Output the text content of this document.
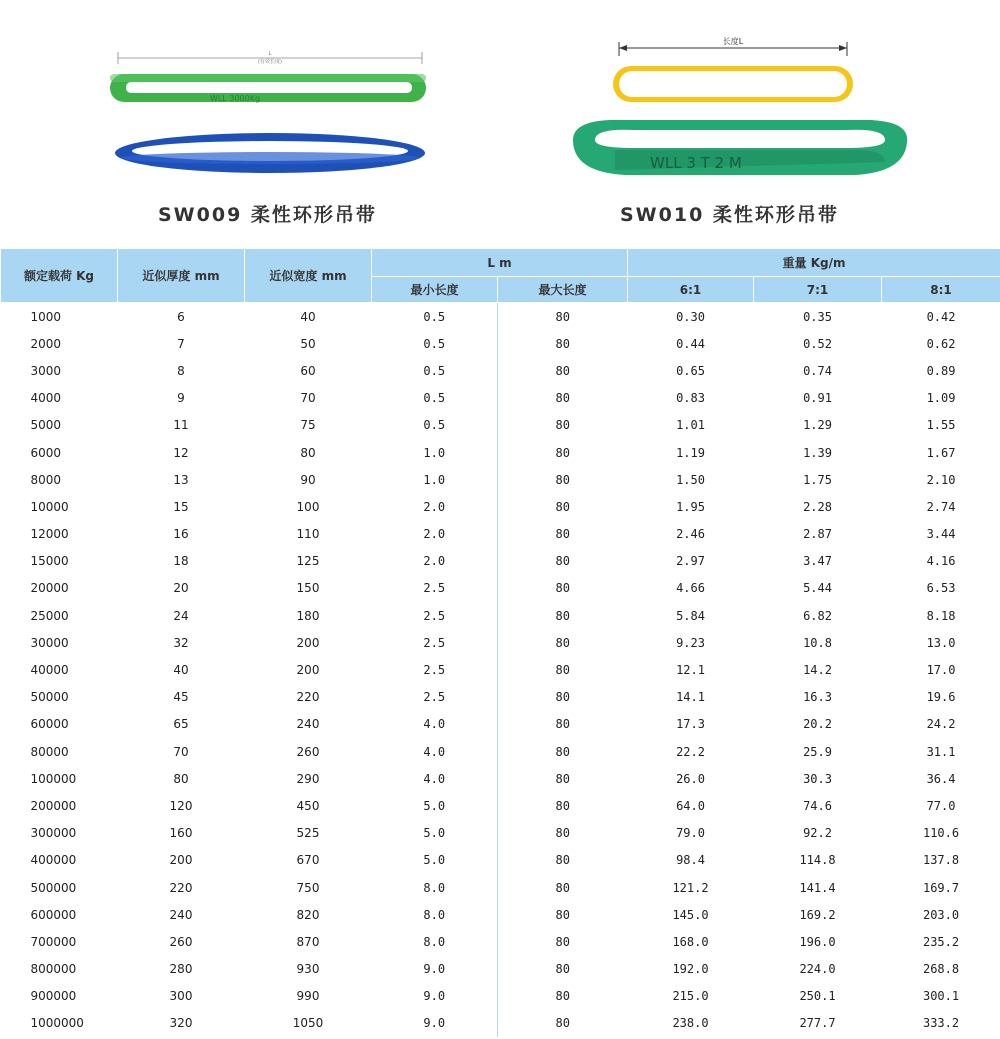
L
(有效长度)
WLL 3000Kg
SW009 柔性环形吊带
长度L
WLL 3 T 2 M
SW010 柔性环形吊带
额定载荷 Kg	近似厚度 mm	近似宽度 mm	L m		重量 Kg/m		
			最小长度	最大长度	6:1	7:1	8:1
1000	6	40	0.5	80	0.30	0.35	0.42
2000	7	50	0.5	80	0.44	0.52	0.62
3000	8	60	0.5	80	0.65	0.74	0.89
4000	9	70	0.5	80	0.83	0.91	1.09
5000	11	75	0.5	80	1.01	1.29	1.55
6000	12	80	1.0	80	1.19	1.39	1.67
8000	13	90	1.0	80	1.50	1.75	2.10
10000	15	100	2.0	80	1.95	2.28	2.74
12000	16	110	2.0	80	2.46	2.87	3.44
15000	18	125	2.0	80	2.97	3.47	4.16
20000	20	150	2.5	80	4.66	5.44	6.53
25000	24	180	2.5	80	5.84	6.82	8.18
30000	32	200	2.5	80	9.23	10.8	13.0
40000	40	200	2.5	80	12.1	14.2	17.0
50000	45	220	2.5	80	14.1	16.3	19.6
60000	65	240	4.0	80	17.3	20.2	24.2
80000	70	260	4.0	80	22.2	25.9	31.1
100000	80	290	4.0	80	26.0	30.3	36.4
200000	120	450	5.0	80	64.0	74.6	77.0
300000	160	525	5.0	80	79.0	92.2	110.6
400000	200	670	5.0	80	98.4	114.8	137.8
500000	220	750	8.0	80	121.2	141.4	169.7
600000	240	820	8.0	80	145.0	169.2	203.0
700000	260	870	8.0	80	168.0	196.0	235.2
800000	280	930	9.0	80	192.0	224.0	268.8
900000	300	990	9.0	80	215.0	250.1	300.1
1000000	320	1050	9.0	80	238.0	277.7	333.2
